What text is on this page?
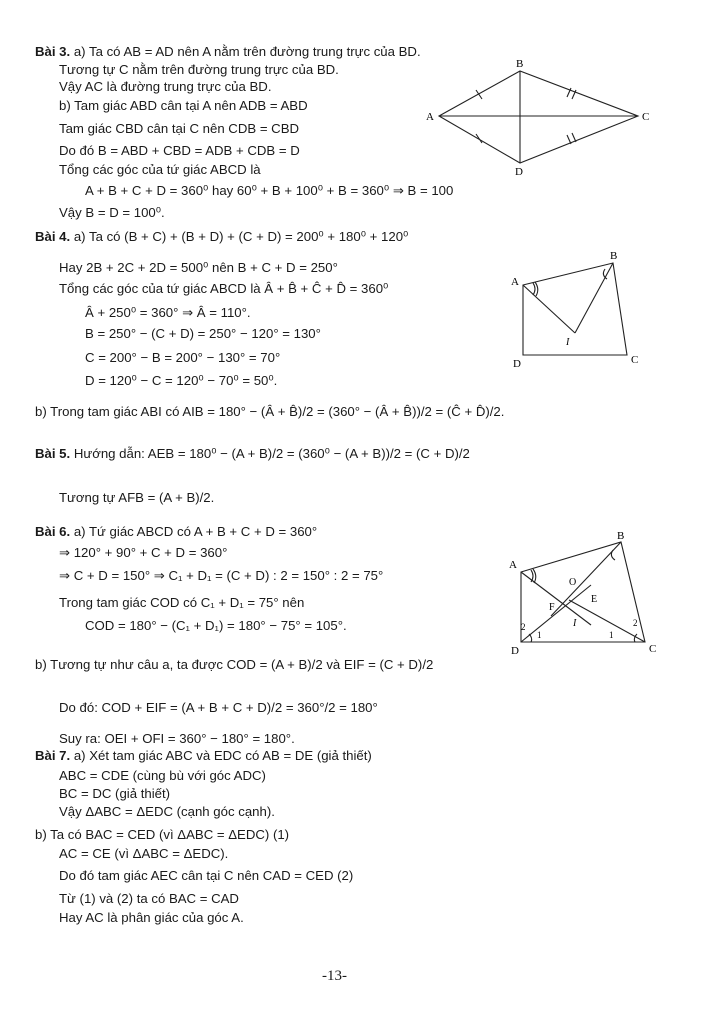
Bài 3. a) Ta có AB = AD nên A nằm trên đường trung trực của BD.
Tương tự C nằm trên đường trung trực của BD.
Vậy AC là đường trung trực của BD.
b) Tam giác ABD cân tại A nên ADB = ABD
Tam giác CBD cân tại C nên CDB = CBD
Do đó B = ABD + CBD = ADB + CDB = D
Tổng các góc của tứ giác ABCD là
A + B + C + D = 360⁰ hay 60⁰ + B + 100⁰ + B = 360⁰ ⇒ B = 100
Vậy B = D = 100⁰.
Bài 4. a) Ta có (B + C) + (B + D) + (C + D) = 200⁰ + 180⁰ + 120⁰
Hay 2B + 2C + 2D = 500⁰ nên B + C + D = 250°
Tổng các góc của tứ giác ABCD là Â + B̂ + Ĉ + D̂ = 360⁰
Â + 250⁰ = 360° ⇒ Â = 110°.
B = 250° − (C + D) = 250° − 120° = 130°
C = 200° − B = 200° − 130° = 70°
D = 120⁰ − C = 120⁰ − 70⁰ = 50⁰.
b) Trong tam giác ABI có AIB = 180° − (Â + B̂)/2 = (360° − (Â + B̂))/2 = (Ĉ + D̂)/2.
Bài 5. Hướng dẫn: AEB = 180⁰ − (A + B)/2 = (360⁰ − (A + B))/2 = (C + D)/2
Tương tự AFB = (A + B)/2.
Bài 6. a) Tứ giác ABCD có A + B + C + D = 360°
⇒ 120° + 90° + C + D = 360°
⇒ C + D = 150° ⇒ C₁ + D₁ = (C + D) : 2 = 150° : 2 = 75°
Trong tam giác COD có C₁ + D₁ = 75° nên
COD = 180° − (C₁ + D₁) = 180° − 75° = 105°.
b) Tương tự như câu a, ta được COD = (A + B)/2 và EIF = (C + D)/2
Do đó: COD + EIF = (A + B + C + D)/2 = 360°/2 = 180°
Suy ra: OEI + OFI = 360° − 180° = 180°.
Bài 7. a) Xét tam giác ABC và EDC có AB = DE (giả thiết)
ABC = CDE (cùng bù với góc ADC)
BC = DC (giả thiết)
Vậy ΔABC = ΔEDC (cạnh góc cạnh).
b) Ta có BAC = CED (vì ΔABC = ΔEDC) (1)
AC = CE (vì ΔABC = ΔEDC).
Do đó tam giác AEC cân tại C nên CAD = CED (2)
Từ (1) và (2) ta có BAC = CAD
Hay AC là phân giác của góc A.
B
A	C
D
B
A
I
D	C
B
A
O
E
F
I
2
1	1
2
D	C
-13-
